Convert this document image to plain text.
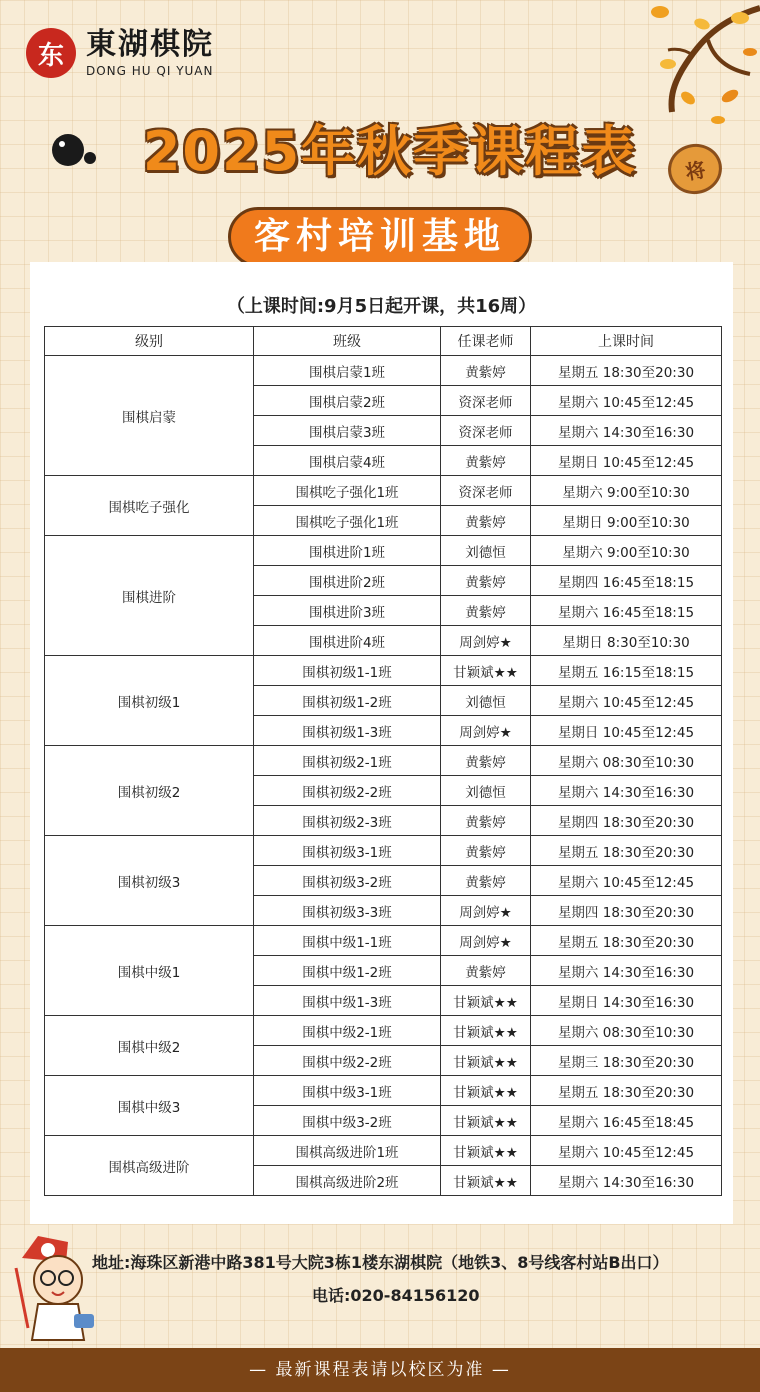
东 東湖棋院
DONG HU QI YUAN
2025年秋季课程表	将
客村培训基地
（上课时间:9月5日起开课，共16周）
级别	班级	任课老师	上课时间
围棋启蒙	围棋启蒙1班	黄紫婷	星期五 18:30至20:30
	围棋启蒙2班	资深老师	星期六 10:45至12:45
	围棋启蒙3班	资深老师	星期六 14:30至16:30
	围棋启蒙4班	黄紫婷	星期日 10:45至12:45
围棋吃子强化	围棋吃子强化1班	资深老师	星期六 9:00至10:30
	围棋吃子强化1班	黄紫婷	星期日 9:00至10:30
围棋进阶	围棋进阶1班	刘德恒	星期六 9:00至10:30
	围棋进阶2班	黄紫婷	星期四 16:45至18:15
	围棋进阶3班	黄紫婷	星期六 16:45至18:15
	围棋进阶4班	周剑婷★	星期日 8:30至10:30
围棋初级1	围棋初级1-1班	甘颖斌★★	星期五 16:15至18:15
	围棋初级1-2班	刘德恒	星期六 10:45至12:45
	围棋初级1-3班	周剑婷★	星期日 10:45至12:45
围棋初级2	围棋初级2-1班	黄紫婷	星期六 08:30至10:30
	围棋初级2-2班	刘德恒	星期六 14:30至16:30
	围棋初级2-3班	黄紫婷	星期四 18:30至20:30
围棋初级3	围棋初级3-1班	黄紫婷	星期五 18:30至20:30
	围棋初级3-2班	黄紫婷	星期六 10:45至12:45
	围棋初级3-3班	周剑婷★	星期四 18:30至20:30
围棋中级1	围棋中级1-1班	周剑婷★	星期五 18:30至20:30
	围棋中级1-2班	黄紫婷	星期六 14:30至16:30
	围棋中级1-3班	甘颖斌★★	星期日 14:30至16:30
围棋中级2	围棋中级2-1班	甘颖斌★★	星期六 08:30至10:30
	围棋中级2-2班	甘颖斌★★	星期三 18:30至20:30
围棋中级3	围棋中级3-1班	甘颖斌★★	星期五 18:30至20:30
	围棋中级3-2班	甘颖斌★★	星期六 16:45至18:45
围棋高级进阶	围棋高级进阶1班	甘颖斌★★	星期六 10:45至12:45
	围棋高级进阶2班	甘颖斌★★	星期六 14:30至16:30
地址:海珠区新港中路381号大院3栋1楼东湖棋院（地铁3、8号线客村站B出口）
电话:020-84156120
— 最新课程表请以校区为准 —
